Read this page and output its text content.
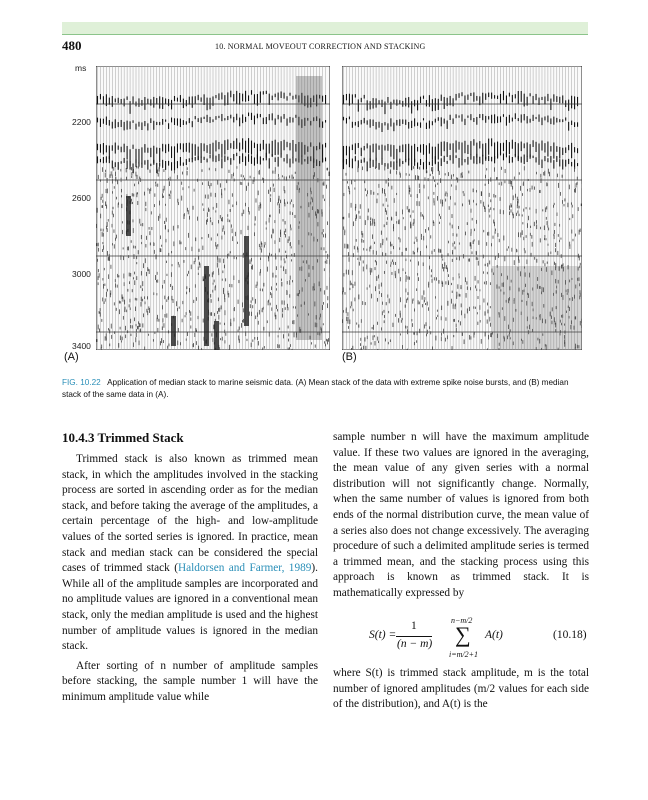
480	10. NORMAL MOVEOUT CORRECTION AND STACKING
ms
2200
2600
3000
3400
(A)	(B)
FIG. 10.22 Application of median stack to marine seismic data. (A) Mean stack of the data with extreme spike noise bursts, and (B) median stack of the same data in (A).
10.4.3 Trimmed Stack

Trimmed stack is also known as trimmed mean stack, in which the amplitudes involved in the stacking process are sorted in ascending order as for the median stack, and before taking the average of the amplitudes, a certain percentage of the high- and low-amplitude values of the sorted series is ignored. In practice, mean stack and median stack can be considered the special cases of trimmed stack (Haldorsen and Farmer, 1989). While all of the amplitude samples are incorporated and no amplitude values are ignored in a conventional mean stack, only the median amplitude is used and the highest number of amplitude values is ignored in the median stack.

After sorting of n number of amplitude samples before stacking, the sample number 1 will have the minimum amplitude value while

sample number n will have the maximum amplitude value. If these two values are ignored in the averaging, the mean value of any given series with a normal distribution will not significantly change. Normally, when the same number of values is ignored from both ends of the normal distribution curve, the mean value of a series also does not change excessively. The averaging procedure of such a delimited amplitude series is termed a trimmed mean, and the stacking process using this approach is known as trimmed stack. It is mathematically expressed by

S(t) =
1
(n − m)
n−m/2
∑
i=m/2+1
A(t)	(10.18)

where S(t) is trimmed stack amplitude, m is the total number of ignored amplitudes (m/2 values for each side of the distribution), and A(t) is the
